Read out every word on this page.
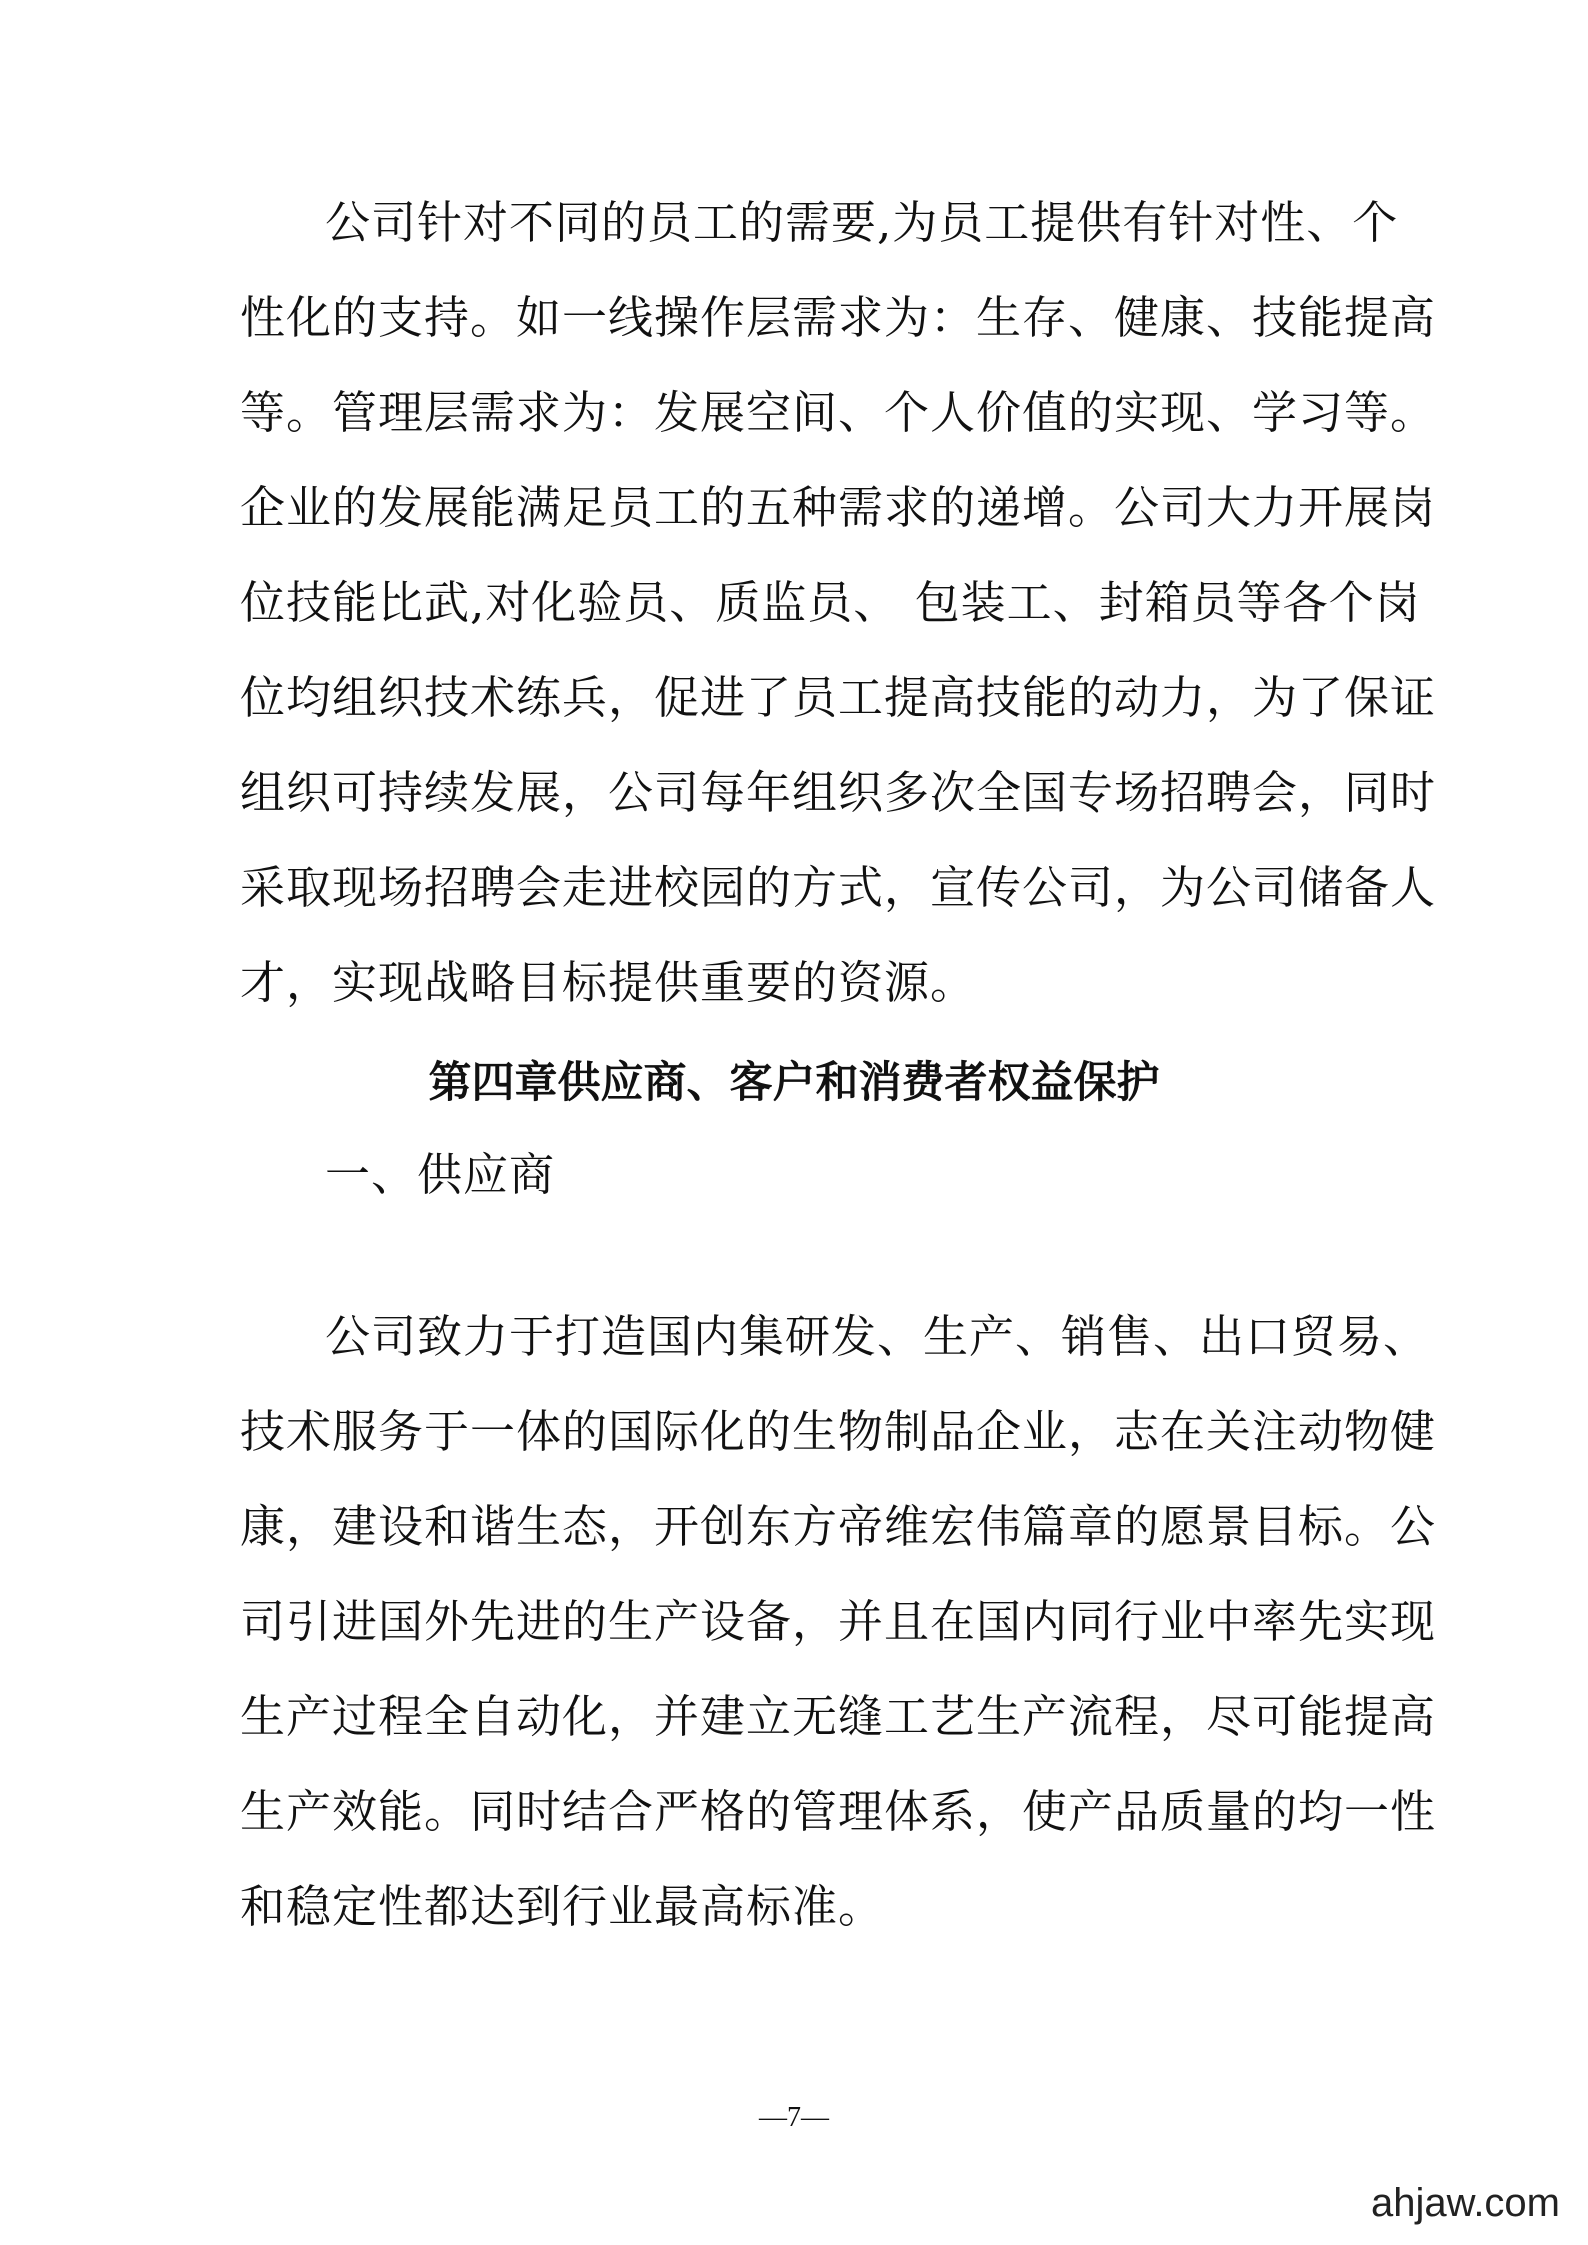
公司针对不同的员工的需要,为员工提供有针对性、个
性化的支持。如一线操作层需求为：生存、健康、技能提高
等。管理层需求为：发展空间、个人价值的实现、学习等。
企业的发展能满足员工的五种需求的递增。公司大力开展岗
位技能比武,对化验员、质监员、 包装工、封箱员等各个岗
位均组织技术练兵，促进了员工提高技能的动力，为了保证
组织可持续发展，公司每年组织多次全国专场招聘会，同时
采取现场招聘会走进校园的方式，宣传公司，为公司储备人
才，实现战略目标提供重要的资源。
第四章供应商、客户和消费者权益保护
一、供应商
公司致力于打造国内集研发、生产、销售、出口贸易、
技术服务于一体的国际化的生物制品企业，志在关注动物健
康，建设和谐生态，开创东方帝维宏伟篇章的愿景目标。公
司引进国外先进的生产设备，并且在国内同行业中率先实现
生产过程全自动化，并建立无缝工艺生产流程，尽可能提高
生产效能。同时结合严格的管理体系，使产品质量的均一性
和稳定性都达到行业最高标准。
—7—
ahjaw.com
